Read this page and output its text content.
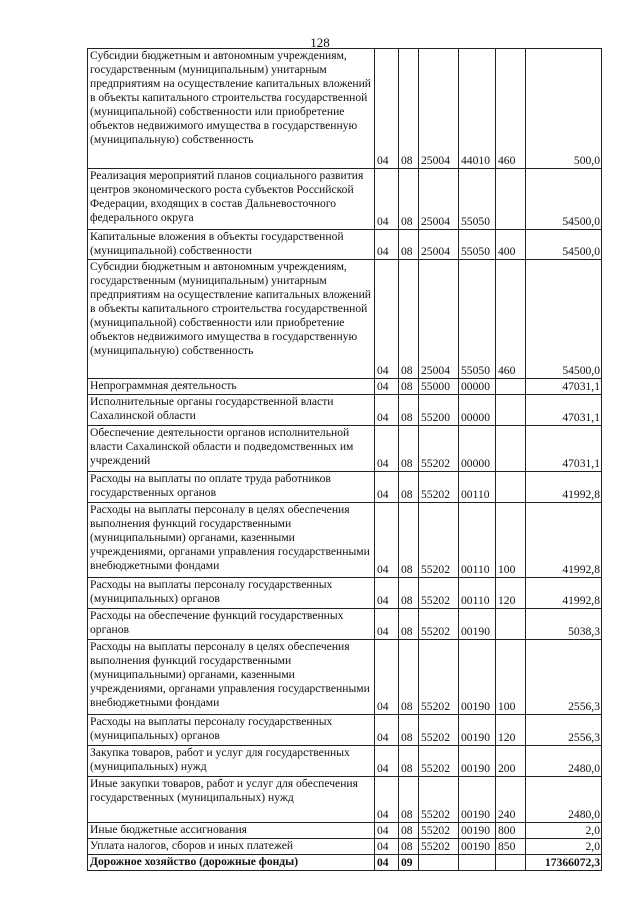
128
Субсидии бюджетным и автономным учреждениям, государственным (муниципальным) унитарным предприятиям на осуществление капитальных вложений в объекты капитального строительства государственной (муниципальной) собственности или приобретение объектов недвижимого имущества в государственную (муниципальную) собственность	04	08	25004	44010	460	500,0
Реализация мероприятий планов социального развития центров экономического роста субъектов Российской Федерации, входящих в состав Дальневосточного федерального округа	04	08	25004	55050		54500,0
Капитальные вложения в объекты государственной (муниципальной) собственности	04	08	25004	55050	400	54500,0
Субсидии бюджетным и автономным учреждениям, государственным (муниципальным) унитарным предприятиям на осуществление капитальных вложений в объекты капитального строительства государственной (муниципальной) собственности или приобретение объектов недвижимого имущества в государственную (муниципальную) собственность	04	08	25004	55050	460	54500,0
Непрограммная деятельность	04	08	55000	00000		47031,1
Исполнительные органы государственной власти Сахалинской области	04	08	55200	00000		47031,1
Обеспечение деятельности органов исполнительной власти Сахалинской области и подведомственных им учреждений	04	08	55202	00000		47031,1
Расходы на выплаты по оплате труда работников государственных органов	04	08	55202	00110		41992,8
Расходы на выплаты персоналу в целях обеспечения выполнения функций государственными (муниципальными) органами, казенными учреждениями, органами управления государственными внебюджетными фондами	04	08	55202	00110	100	41992,8
Расходы на выплаты персоналу государственных (муниципальных) органов	04	08	55202	00110	120	41992,8
Расходы на обеспечение функций государственных органов	04	08	55202	00190		5038,3
Расходы на выплаты персоналу в целях обеспечения выполнения функций государственными (муниципальными) органами, казенными учреждениями, органами управления государственными внебюджетными фондами	04	08	55202	00190	100	2556,3
Расходы на выплаты персоналу государственных (муниципальных) органов	04	08	55202	00190	120	2556,3
Закупка товаров, работ и услуг для государственных (муниципальных) нужд	04	08	55202	00190	200	2480,0
Иные закупки товаров, работ и услуг для обеспечения государственных (муниципальных) нужд	04	08	55202	00190	240	2480,0
Иные бюджетные ассигнования	04	08	55202	00190	800	2,0
Уплата налогов, сборов и иных платежей	04	08	55202	00190	850	2,0
Дорожное хозяйство (дорожные фонды)	04	09				17366072,3
